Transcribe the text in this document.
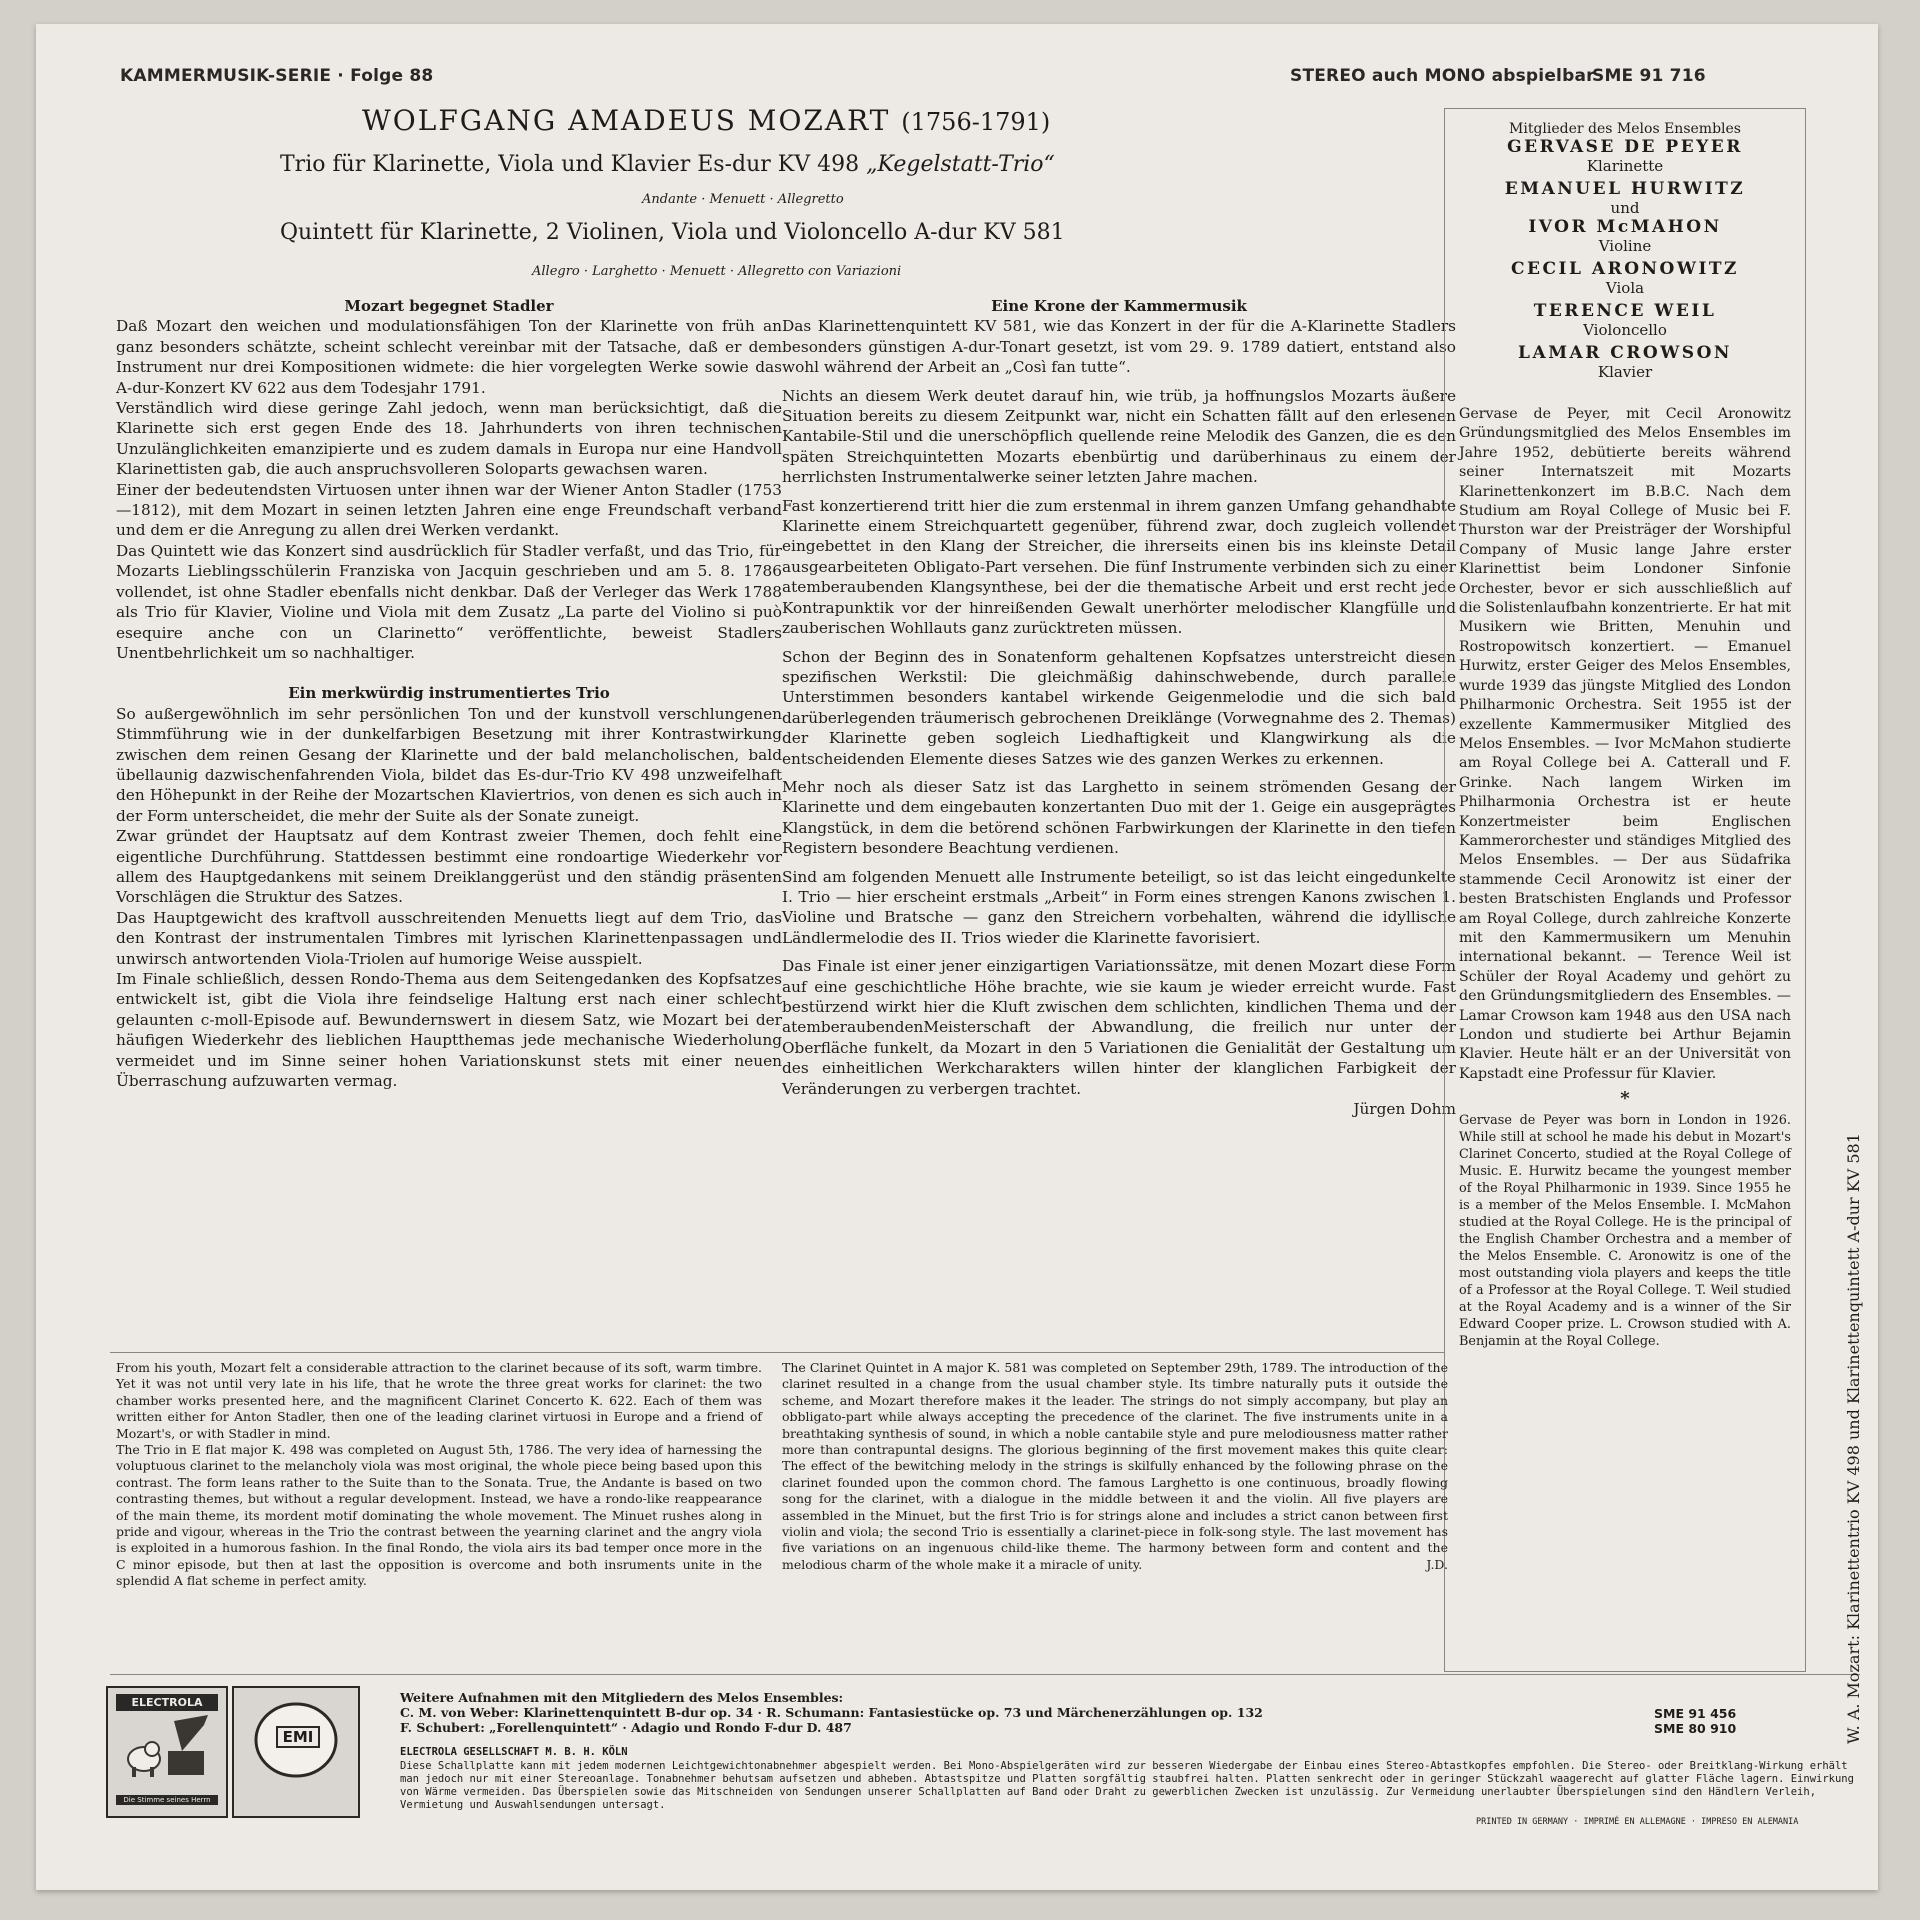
KAMMERMUSIK-SERIE · Folge 88	STEREO auch MONO abspielbar
SME 91 716
WOLFGANG AMADEUS MOZART (1756-1791)
Trio für Klarinette, Viola und Klavier Es-dur KV 498 „Kegelstatt-Trio“
Andante · Menuett · Allegretto
Quintett für Klarinette, 2 Violinen, Viola und Violoncello A-dur KV 581
Allegro · Larghetto · Menuett · Allegretto con Variazioni
Mozart begegnet Stadler

Daß Mozart den weichen und modulationsfähigen Ton der Klarinette von früh an ganz besonders schätzte, scheint schlecht vereinbar mit der Tatsache, daß er dem Instrument nur drei Kompositionen widmete: die hier vorgelegten Werke sowie das A-dur-Konzert KV 622 aus dem Todesjahr 1791.

Verständlich wird diese geringe Zahl jedoch, wenn man berücksichtigt, daß die Klarinette sich erst gegen Ende des 18. Jahrhunderts von ihren technischen Unzulänglichkeiten emanzipierte und es zudem damals in Europa nur eine Handvoll Klarinettisten gab, die auch anspruchsvolleren Soloparts gewachsen waren.

Einer der bedeutendsten Virtuosen unter ihnen war der Wiener Anton Stadler (1753—1812), mit dem Mozart in seinen letzten Jahren eine enge Freundschaft verband und dem er die Anregung zu allen drei Werken verdankt.

Das Quintett wie das Konzert sind ausdrücklich für Stadler verfaßt, und das Trio, für Mozarts Lieblingsschülerin Franziska von Jacquin geschrieben und am 5. 8. 1786 vollendet, ist ohne Stadler ebenfalls nicht denkbar. Daß der Verleger das Werk 1788 als Trio für Klavier, Violine und Viola mit dem Zusatz „La parte del Violino si può esequire anche con un Clarinetto“ veröffentlichte, beweist Stadlers Unentbehrlichkeit um so nachhaltiger.

Ein merkwürdig instrumentiertes Trio

So außergewöhnlich im sehr persönlichen Ton und der kunstvoll verschlungenen Stimmführung wie in der dunkelfarbigen Besetzung mit ihrer Kontrastwirkung zwischen dem reinen Gesang der Klarinette und der bald melancholischen, bald übellaunig dazwischenfahrenden Viola, bildet das Es-dur-Trio KV 498 unzweifelhaft den Höhepunkt in der Reihe der Mozartschen Klaviertrios, von denen es sich auch in der Form unterscheidet, die mehr der Suite als der Sonate zuneigt.

Zwar gründet der Hauptsatz auf dem Kontrast zweier Themen, doch fehlt eine eigentliche Durchführung. Stattdessen bestimmt eine rondoartige Wiederkehr vor allem des Hauptgedankens mit seinem Dreiklanggerüst und den ständig präsenten Vorschlägen die Struktur des Satzes.

Das Hauptgewicht des kraftvoll ausschreitenden Menuetts liegt auf dem Trio, das den Kontrast der instrumentalen Timbres mit lyrischen Klarinettenpassagen und unwirsch antwortenden Viola-Triolen auf humorige Weise ausspielt.

Im Finale schließlich, dessen Rondo-Thema aus dem Seitengedanken des Kopfsatzes entwickelt ist, gibt die Viola ihre feindselige Haltung erst nach einer schlecht gelaunten c-moll-Episode auf. Bewundernswert in diesem Satz, wie Mozart bei der häufigen Wiederkehr des lieblichen Hauptthemas jede mechanische Wiederholung vermeidet und im Sinne seiner hohen Variationskunst stets mit einer neuen Überraschung aufzuwarten vermag.

Eine Krone der Kammermusik

Das Klarinettenquintett KV 581, wie das Konzert in der für die A-Klarinette Stadlers besonders günstigen A-dur-Tonart gesetzt, ist vom 29. 9. 1789 datiert, entstand also wohl während der Arbeit an „Così fan tutte“.

Nichts an diesem Werk deutet darauf hin, wie trüb, ja hoffnungslos Mozarts äußere Situation bereits zu diesem Zeitpunkt war, nicht ein Schatten fällt auf den erlesenen Kantabile-Stil und die unerschöpflich quellende reine Melodik des Ganzen, die es den späten Streichquintetten Mozarts ebenbürtig und darüberhinaus zu einem der herrlichsten Instrumentalwerke seiner letzten Jahre machen.

Fast konzertierend tritt hier die zum erstenmal in ihrem ganzen Umfang gehandhabte Klarinette einem Streichquartett gegenüber, führend zwar, doch zugleich vollendet eingebettet in den Klang der Streicher, die ihrerseits einen bis ins kleinste Detail ausgearbeiteten Obligato-Part versehen. Die fünf Instrumente verbinden sich zu einer atemberaubenden Klangsynthese, bei der die thematische Arbeit und erst recht jede Kontrapunktik vor der hinreißenden Gewalt unerhörter melodischer Klangfülle und zauberischen Wohllauts ganz zurücktreten müssen.

Schon der Beginn des in Sonatenform gehaltenen Kopfsatzes unterstreicht diesen spezifischen Werkstil: Die gleichmäßig dahinschwebende, durch parallele Unterstimmen besonders kantabel wirkende Geigenmelodie und die sich bald darüberlegenden träumerisch gebrochenen Dreiklänge (Vorwegnahme des 2. Themas) der Klarinette geben sogleich Liedhaftigkeit und Klangwirkung als die entscheidenden Elemente dieses Satzes wie des ganzen Werkes zu erkennen.

Mehr noch als dieser Satz ist das Larghetto in seinem strömenden Gesang der Klarinette und dem eingebauten konzertanten Duo mit der 1. Geige ein ausgeprägtes Klangstück, in dem die betörend schönen Farbwirkungen der Klarinette in den tiefen Registern besondere Beachtung verdienen.

Sind am folgenden Menuett alle Instrumente beteiligt, so ist das leicht eingedunkelte I. Trio — hier erscheint erstmals „Arbeit“ in Form eines strengen Kanons zwischen 1. Violine und Bratsche — ganz den Streichern vorbehalten, während die idyllische Ländlermelodie des II. Trios wieder die Klarinette favorisiert.

Das Finale ist einer jener einzigartigen Variationssätze, mit denen Mozart diese Form auf eine geschichtliche Höhe brachte, wie sie kaum je wieder erreicht wurde. Fast bestürzend wirkt hier die Kluft zwischen dem schlichten, kindlichen Thema und der atemberaubendenMeisterschaft der Abwandlung, die freilich nur unter der Oberfläche funkelt, da Mozart in den 5 Variationen die Genialität der Gestaltung um des einheitlichen Werkcharakters willen hinter der klanglichen Farbigkeit der Veränderungen zu verbergen trachtet.

Jürgen Dohm

Mitglieder des Melos Ensembles
GERVASE DE PEYER
Klarinette
EMANUEL HURWITZ
und
IVOR McMAHON
Violine
CECIL ARONOWITZ
Viola
TERENCE WEIL
Violoncello
LAMAR CROWSON
Klavier

Gervase de Peyer, mit Cecil Aronowitz Gründungsmitglied des Melos Ensembles im Jahre 1952, debütierte bereits während seiner Internatszeit mit Mozarts Klarinettenkonzert im B.B.C. Nach dem Studium am Royal College of Music bei F. Thurston war der Preisträger der Worshipful Company of Music lange Jahre erster Klarinettist beim Londoner Sinfonie Orchester, bevor er sich ausschließlich auf die Solistenlaufbahn konzentrierte. Er hat mit Musikern wie Britten, Menuhin und Rostropowitsch konzertiert. — Emanuel Hurwitz, erster Geiger des Melos Ensembles, wurde 1939 das jüngste Mitglied des London Philharmonic Orchestra. Seit 1955 ist der exzellente Kammermusiker Mitglied des Melos Ensembles. — Ivor McMahon studierte am Royal College bei A. Catterall und F. Grinke. Nach langem Wirken im Philharmonia Orchestra ist er heute Konzertmeister beim Englischen Kammerorchester und ständiges Mitglied des Melos Ensembles. — Der aus Südafrika stammende Cecil Aronowitz ist einer der besten Bratschisten Englands und Professor am Royal College, durch zahlreiche Konzerte mit den Kammermusikern um Menuhin international bekannt. — Terence Weil ist Schüler der Royal Academy und gehört zu den Gründungsmitgliedern des Ensembles. — Lamar Crowson kam 1948 aus den USA nach London und studierte bei Arthur Bejamin Klavier. Heute hält er an der Universität von Kapstadt eine Professur für Klavier.

*

Gervase de Peyer was born in London in 1926. While still at school he made his debut in Mozart's Clarinet Concerto, studied at the Royal College of Music. E. Hurwitz became the youngest member of the Royal Philharmonic in 1939. Since 1955 he is a member of the Melos Ensemble. I. McMahon studied at the Royal College. He is the principal of the English Chamber Orchestra and a member of the Melos Ensemble. C. Aronowitz is one of the most outstanding viola players and keeps the title of a Professor at the Royal College. T. Weil studied at the Royal Academy and is a winner of the Sir Edward Cooper prize. L. Crowson studied with A. Benjamin at the Royal College.

From his youth, Mozart felt a considerable attraction to the clarinet because of its soft, warm timbre. Yet it was not until very late in his life, that he wrote the three great works for clarinet: the two chamber works presented here, and the magnificent Clarinet Concerto K. 622. Each of them was written either for Anton Stadler, then one of the leading clarinet virtuosi in Europe and a friend of Mozart's, or with Stadler in mind.

The Trio in E flat major K. 498 was completed on August 5th, 1786. The very idea of harnessing the voluptuous clarinet to the melancholy viola was most original, the whole piece being based upon this contrast. The form leans rather to the Suite than to the Sonata. True, the Andante is based on two contrasting themes, but without a regular development. Instead, we have a rondo-like reappearance of the main theme, its mordent motif dominating the whole movement. The Minuet rushes along in pride and vigour, whereas in the Trio the contrast between the yearning clarinet and the angry viola is exploited in a humorous fashion. In the final Rondo, the viola airs its bad temper once more in the C minor episode, but then at last the opposition is overcome and both insruments unite in the splendid A flat scheme in perfect amity.

The Clarinet Quintet in A major K. 581 was completed on September 29th, 1789. The introduction of the clarinet resulted in a change from the usual chamber style. Its timbre naturally puts it outside the scheme, and Mozart therefore makes it the leader. The strings do not simply accompany, but play an obbligato-part while always accepting the precedence of the clarinet. The five instruments unite in a breathtaking synthesis of sound, in which a noble cantabile style and pure melodiousness matter rather more than contrapuntal designs. The glorious beginning of the first movement makes this quite clear: The effect of the bewitching melody in the strings is skilfully enhanced by the following phrase on the clarinet founded upon the common chord. The famous Larghetto is one continuous, broadly flowing song for the clarinet, with a dialogue in the middle between it and the violin. All five players are assembled in the Minuet, but the first Trio is for strings alone and includes a strict canon between first violin and viola; the second Trio is essentially a clarinet-piece in folk-song style. The last movement has five variations on an ingenuous child-like theme. The harmony between form and content and the melodious charm of the whole make it a miracle of unity.	J.D.

ELECTROLA
Die Stimme seines Herrn
EMI
Weitere Aufnahmen mit den Mitgliedern des Melos Ensembles:
C. M. von Weber: Klarinettenquintett B-dur op. 34 · R. Schumann: Fantasiestücke op. 73 und Märchenerzählungen op. 132
F. Schubert: „Forellenquintett“ · Adagio und Rondo F-dur D. 487
SME 91 456
SME 80 910
ELECTROLA GESELLSCHAFT M. B. H. KÖLN
Diese Schallplatte kann mit jedem modernen Leichtgewichtonabnehmer abgespielt werden. Bei Mono-Abspielgeräten wird zur besseren Wiedergabe der Einbau eines Stereo-Abtastkopfes empfohlen. Die Stereo- oder Breitklang-Wirkung erhält man jedoch nur mit einer Stereoanlage. Tonabnehmer behutsam aufsetzen und abheben. Abtastspitze und Platten sorgfältig staubfrei halten. Platten senkrecht oder in geringer Stückzahl waagerecht auf glatter Fläche lagern. Einwirkung von Wärme vermeiden. Das Überspielen sowie das Mitschneiden von Sendungen unserer Schallplatten auf Band oder Draht zu gewerblichen Zwecken ist unzulässig. Zur Vermeidung unerlaubter Überspielungen sind den Händlern Verleih, Vermietung und Auswahlsendungen untersagt.
PRINTED IN GERMANY · IMPRIMÉ EN ALLEMAGNE · IMPRESO EN ALEMANIA
W. A. Mozart: Klarinettentrio KV 498 und Klarinettenquintett A-dur KV 581
